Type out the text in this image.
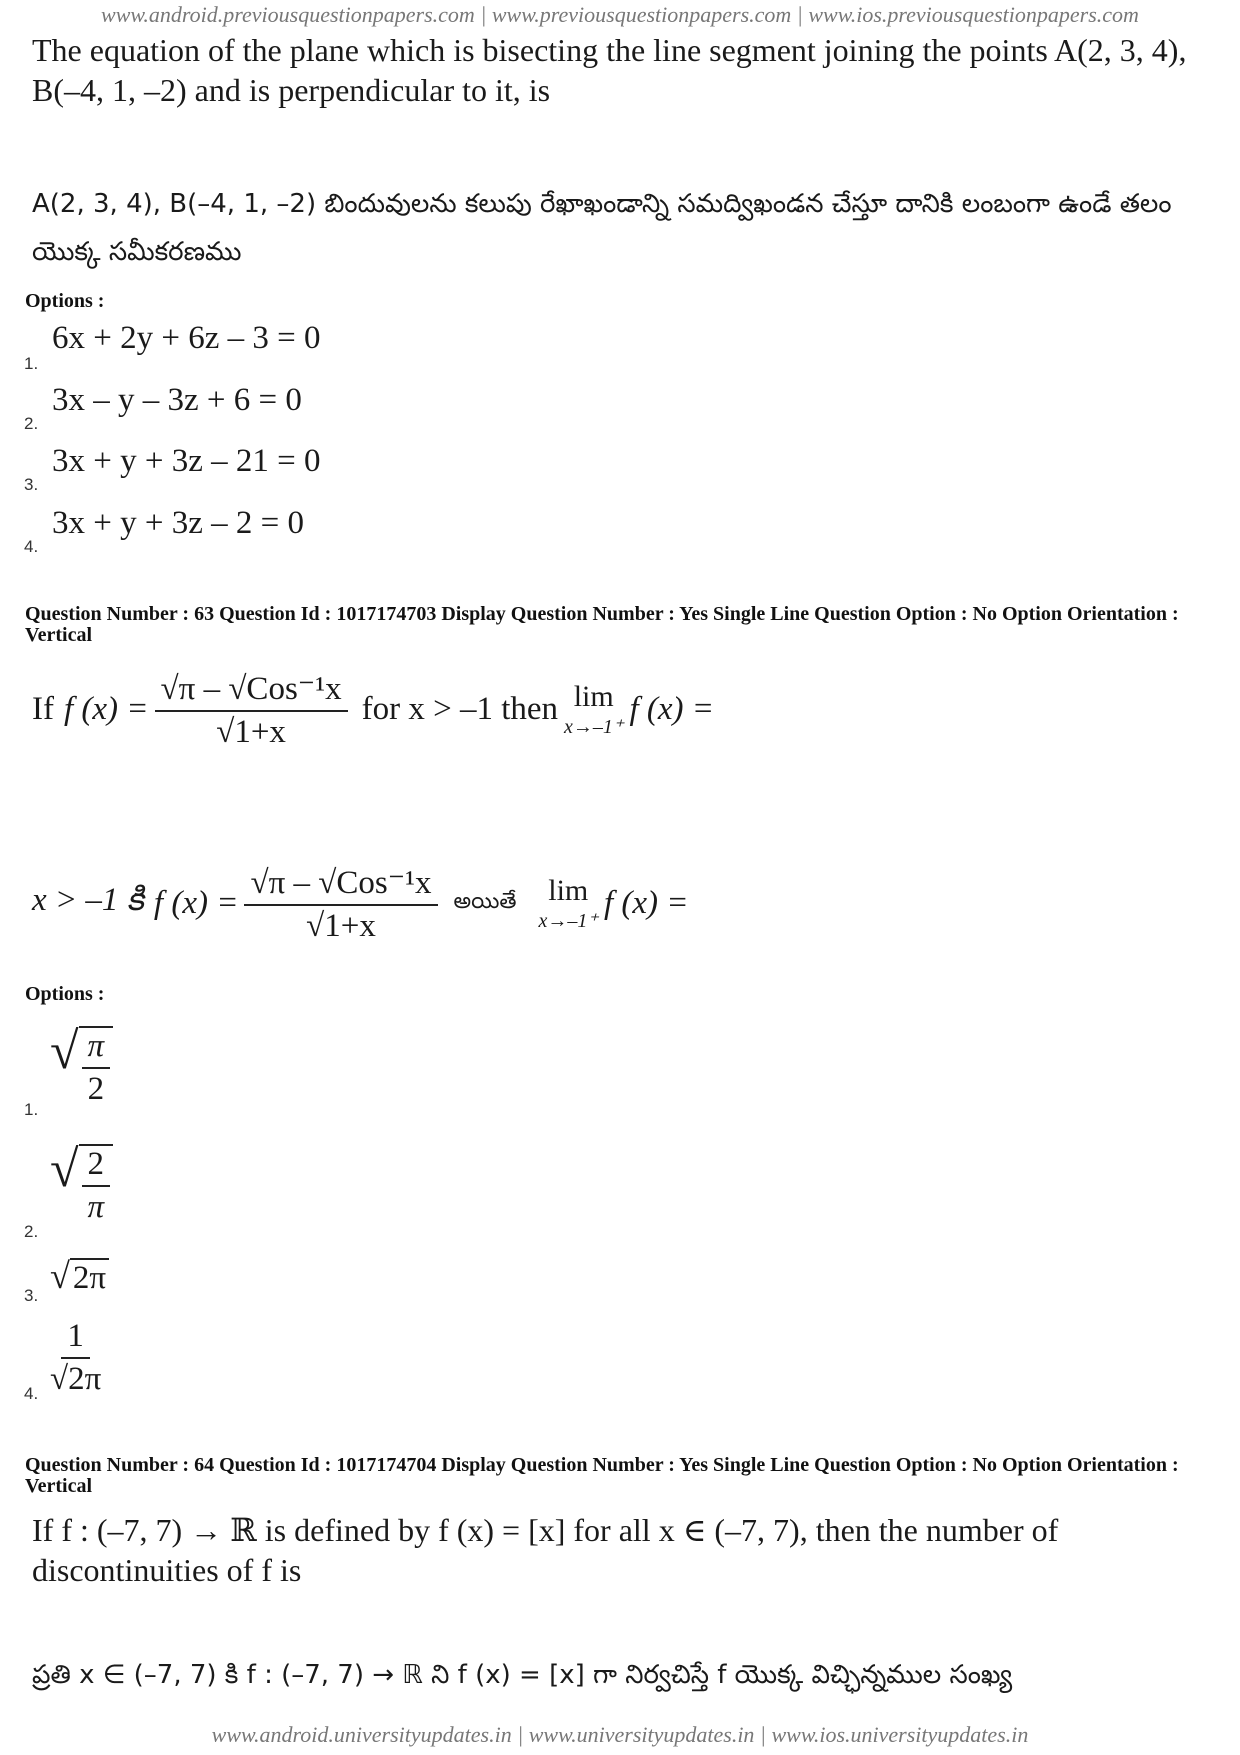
www.android.previousquestionpapers.com | www.previousquestionpapers.com | www.ios.previousquestionpapers.com
The equation of the plane which is bisecting the line segment joining the points A(2, 3, 4), B(–4, 1, –2) and is perpendicular to it, is
A(2, 3, 4), B(–4, 1, –2) బిందువులను కలుపు రేఖాఖండాన్ని సమద్విఖండన చేస్తూ దానికి లంబంగా ఉండే తలం యొక్క సమీకరణము
Options :
1.
6x + 2y + 6z – 3 = 0
2.
3x – y – 3z + 6 = 0
3.
3x + y + 3z – 21 = 0
4.
3x + y + 3z – 2 = 0
Question Number : 63 Question Id : 1017174703 Display Question Number : Yes Single Line Question Option : No Option Orientation : Vertical
If f $(x) = \frac{\text{√π – √Cos⁻¹x}}{√1+x}$ for x > –1 then lim
x→–1⁺ f (x) =
x > –1 కి f $(x) = \frac{\text{√π – √Cos⁻¹x}}{√1+x}$ అయితే lim
x→–1⁺ f (x) =
Options :
1.
√ $\frac{\pi}{2}$
2.
√ $\frac{2}{\pi}$
3. √ 2π
4. $\frac{1}{√2\pi}$
Question Number : 64 Question Id : 1017174704 Display Question Number : Yes Single Line Question Option : No Option Orientation : Vertical
If f : (–7, 7) → ℝ is defined by f (x) = [x] for all x ∈ (–7, 7), then the number of discontinuities of f is
ప్రతి x ∈ (–7, 7) కి f : (–7, 7) → ℝ ని f (x) = [x] గా నిర్వచిస్తే f యొక్క విచ్ఛిన్నముల సంఖ్య
www.android.universityupdates.in | www.universityupdates.in | www.ios.universityupdates.in
